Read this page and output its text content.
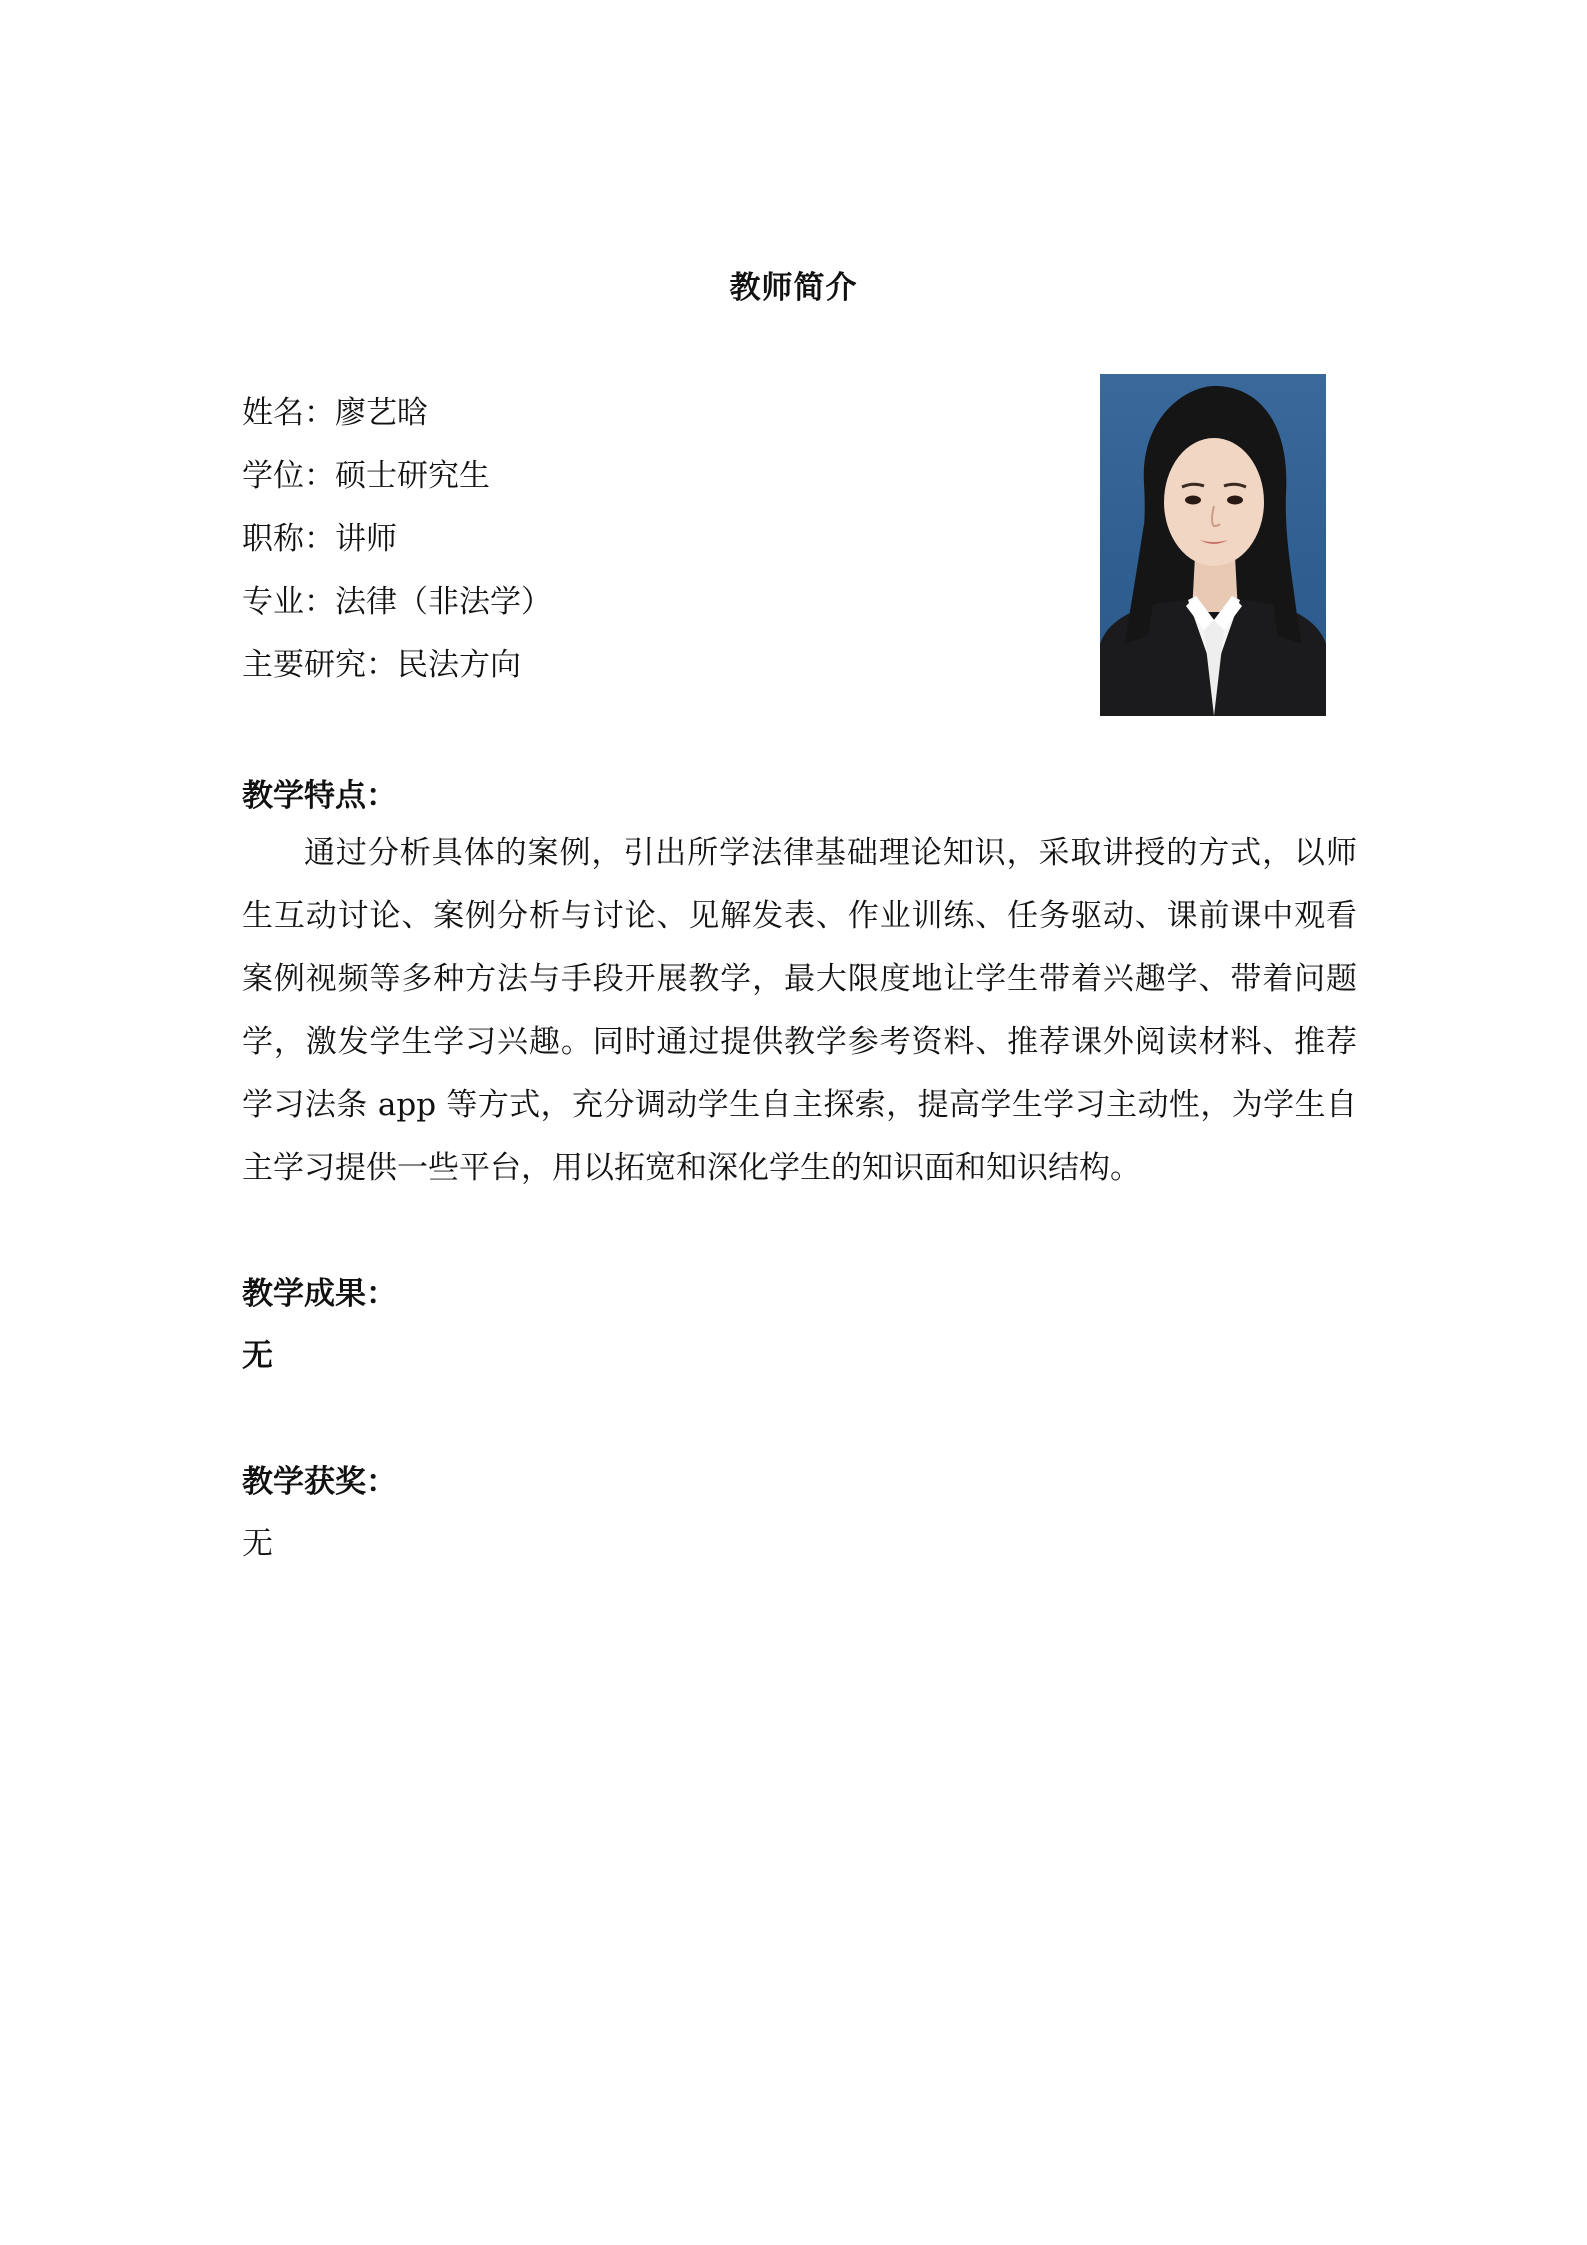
教师简介
姓名：廖艺晗
学位：硕士研究生
职称：讲师
专业：法律（非法学）
主要研究：民法方向
教学特点：
通过分析具体的案例，引出所学法律基础理论知识，采取讲授的方式，以师生互动讨论、案例分析与讨论、见解发表、作业训练、任务驱动、课前课中观看案例视频等多种方法与手段开展教学，最大限度地让学生带着兴趣学、带着问题学，激发学生学习兴趣。同时通过提供教学参考资料、推荐课外阅读材料、推荐学习法条 app 等方式，充分调动学生自主探索，提高学生学习主动性，为学生自主学习提供一些平台，用以拓宽和深化学生的知识面和知识结构。
教学成果：
无
教学获奖：
无
